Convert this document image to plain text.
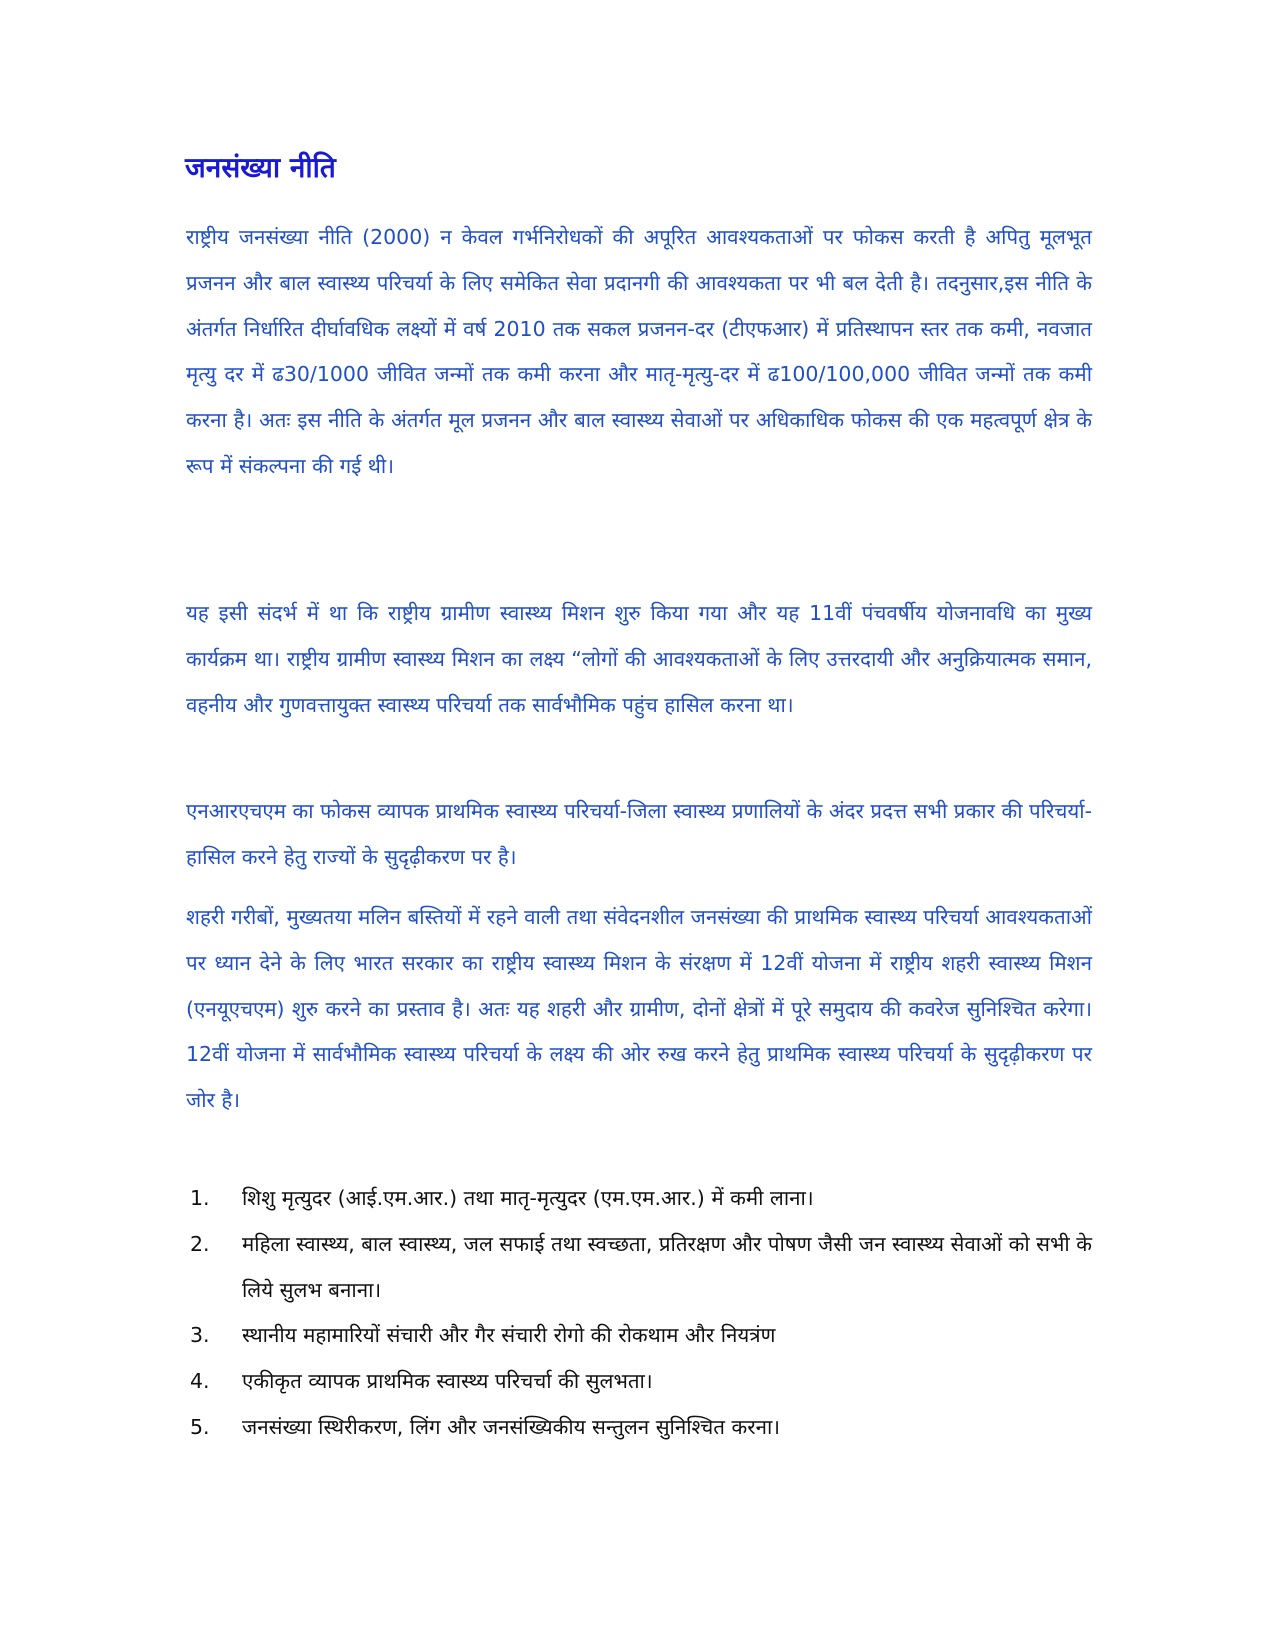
जनसंख्या नीति

राष्ट्रीय जनसंख्या नीति (2000) न केवल गर्भनिरोधकों की अपूरित आवश्यकताओं पर फोकस करती है अपितु मूलभूत प्रजनन और बाल स्वास्थ्य परिचर्या के लिए समेकित सेवा प्रदानगी की आवश्यकता पर भी बल देती है। तदनुसार,इस नीति के अंतर्गत निर्धारित दीर्घावधिक लक्ष्यों में वर्ष 2010 तक सकल प्रजनन-दर (टीएफआर) में प्रतिस्थापन स्तर तक कमी, नवजात मृत्यु दर में ढ30/1000 जीवित जन्मों तक कमी करना और मातृ-मृत्यु-दर में ढ100/100,000 जीवित जन्मों तक कमी करना है। अतः इस नीति के अंतर्गत मूल प्रजनन और बाल स्वास्थ्य सेवाओं पर अधिकाधिक फोकस की एक महत्वपूर्ण क्षेत्र के रूप में संकल्पना की गई थी।

यह इसी संदर्भ में था कि राष्ट्रीय ग्रामीण स्वास्थ्य मिशन शुरु किया गया और यह 11वीं पंचवर्षीय योजनावधि का मुख्य कार्यक्रम था। राष्ट्रीय ग्रामीण स्वास्थ्य मिशन का लक्ष्य “लोगों की आवश्यकताओं के लिए उत्तरदायी और अनुक्रियात्मक समान, वहनीय और गुणवत्तायुक्त स्वास्थ्य परिचर्या तक सार्वभौमिक पहुंच हासिल करना था।

एनआरएचएम का फोकस व्यापक प्राथमिक स्वास्थ्य परिचर्या-जिला स्वास्थ्य प्रणालियों के अंदर प्रदत्त सभी प्रकार की परिचर्या-हासिल करने हेतु राज्यों के सुदृढ़ीकरण पर है।

शहरी गरीबों, मुख्यतया मलिन बस्तियों में रहने वाली तथा संवेदनशील जनसंख्या की प्राथमिक स्वास्थ्य परिचर्या आवश्यकताओं पर ध्यान देने के लिए भारत सरकार का राष्ट्रीय स्वास्थ्य मिशन के संरक्षण में 12वीं योजना में राष्ट्रीय शहरी स्वास्थ्य मिशन (एनयूएचएम) शुरु करने का प्रस्ताव है। अतः यह शहरी और ग्रामीण, दोनों क्षेत्रों में पूरे समुदाय की कवरेज सुनिश्चित करेगा। 12वीं योजना में सार्वभौमिक स्वास्थ्य परिचर्या के लक्ष्य की ओर रुख करने हेतु प्राथमिक स्वास्थ्य परिचर्या के सुदृढ़ीकरण पर जोर है।

1. शिशु मृत्युदर (आई.एम.आर.) तथा मातृ-मृत्युदर (एम.एम.आर.) में कमी लाना।
2. महिला स्वास्थ्य, बाल स्वास्थ्य, जल सफाई तथा स्वच्छता, प्रतिरक्षण और पोषण जैसी जन स्वास्थ्य सेवाओं को सभी के लिये सुलभ बनाना।
3. स्थानीय महामारियों संचारी और गैर संचारी रोगो की रोकथाम और नियत्रंण
4. एकीकृत व्यापक प्राथमिक स्वास्थ्य परिचर्चा की सुलभता।
5. जनसंख्या स्थिरीकरण, लिंग और जनसंख्यिकीय सन्तुलन सुनिश्चित करना।
